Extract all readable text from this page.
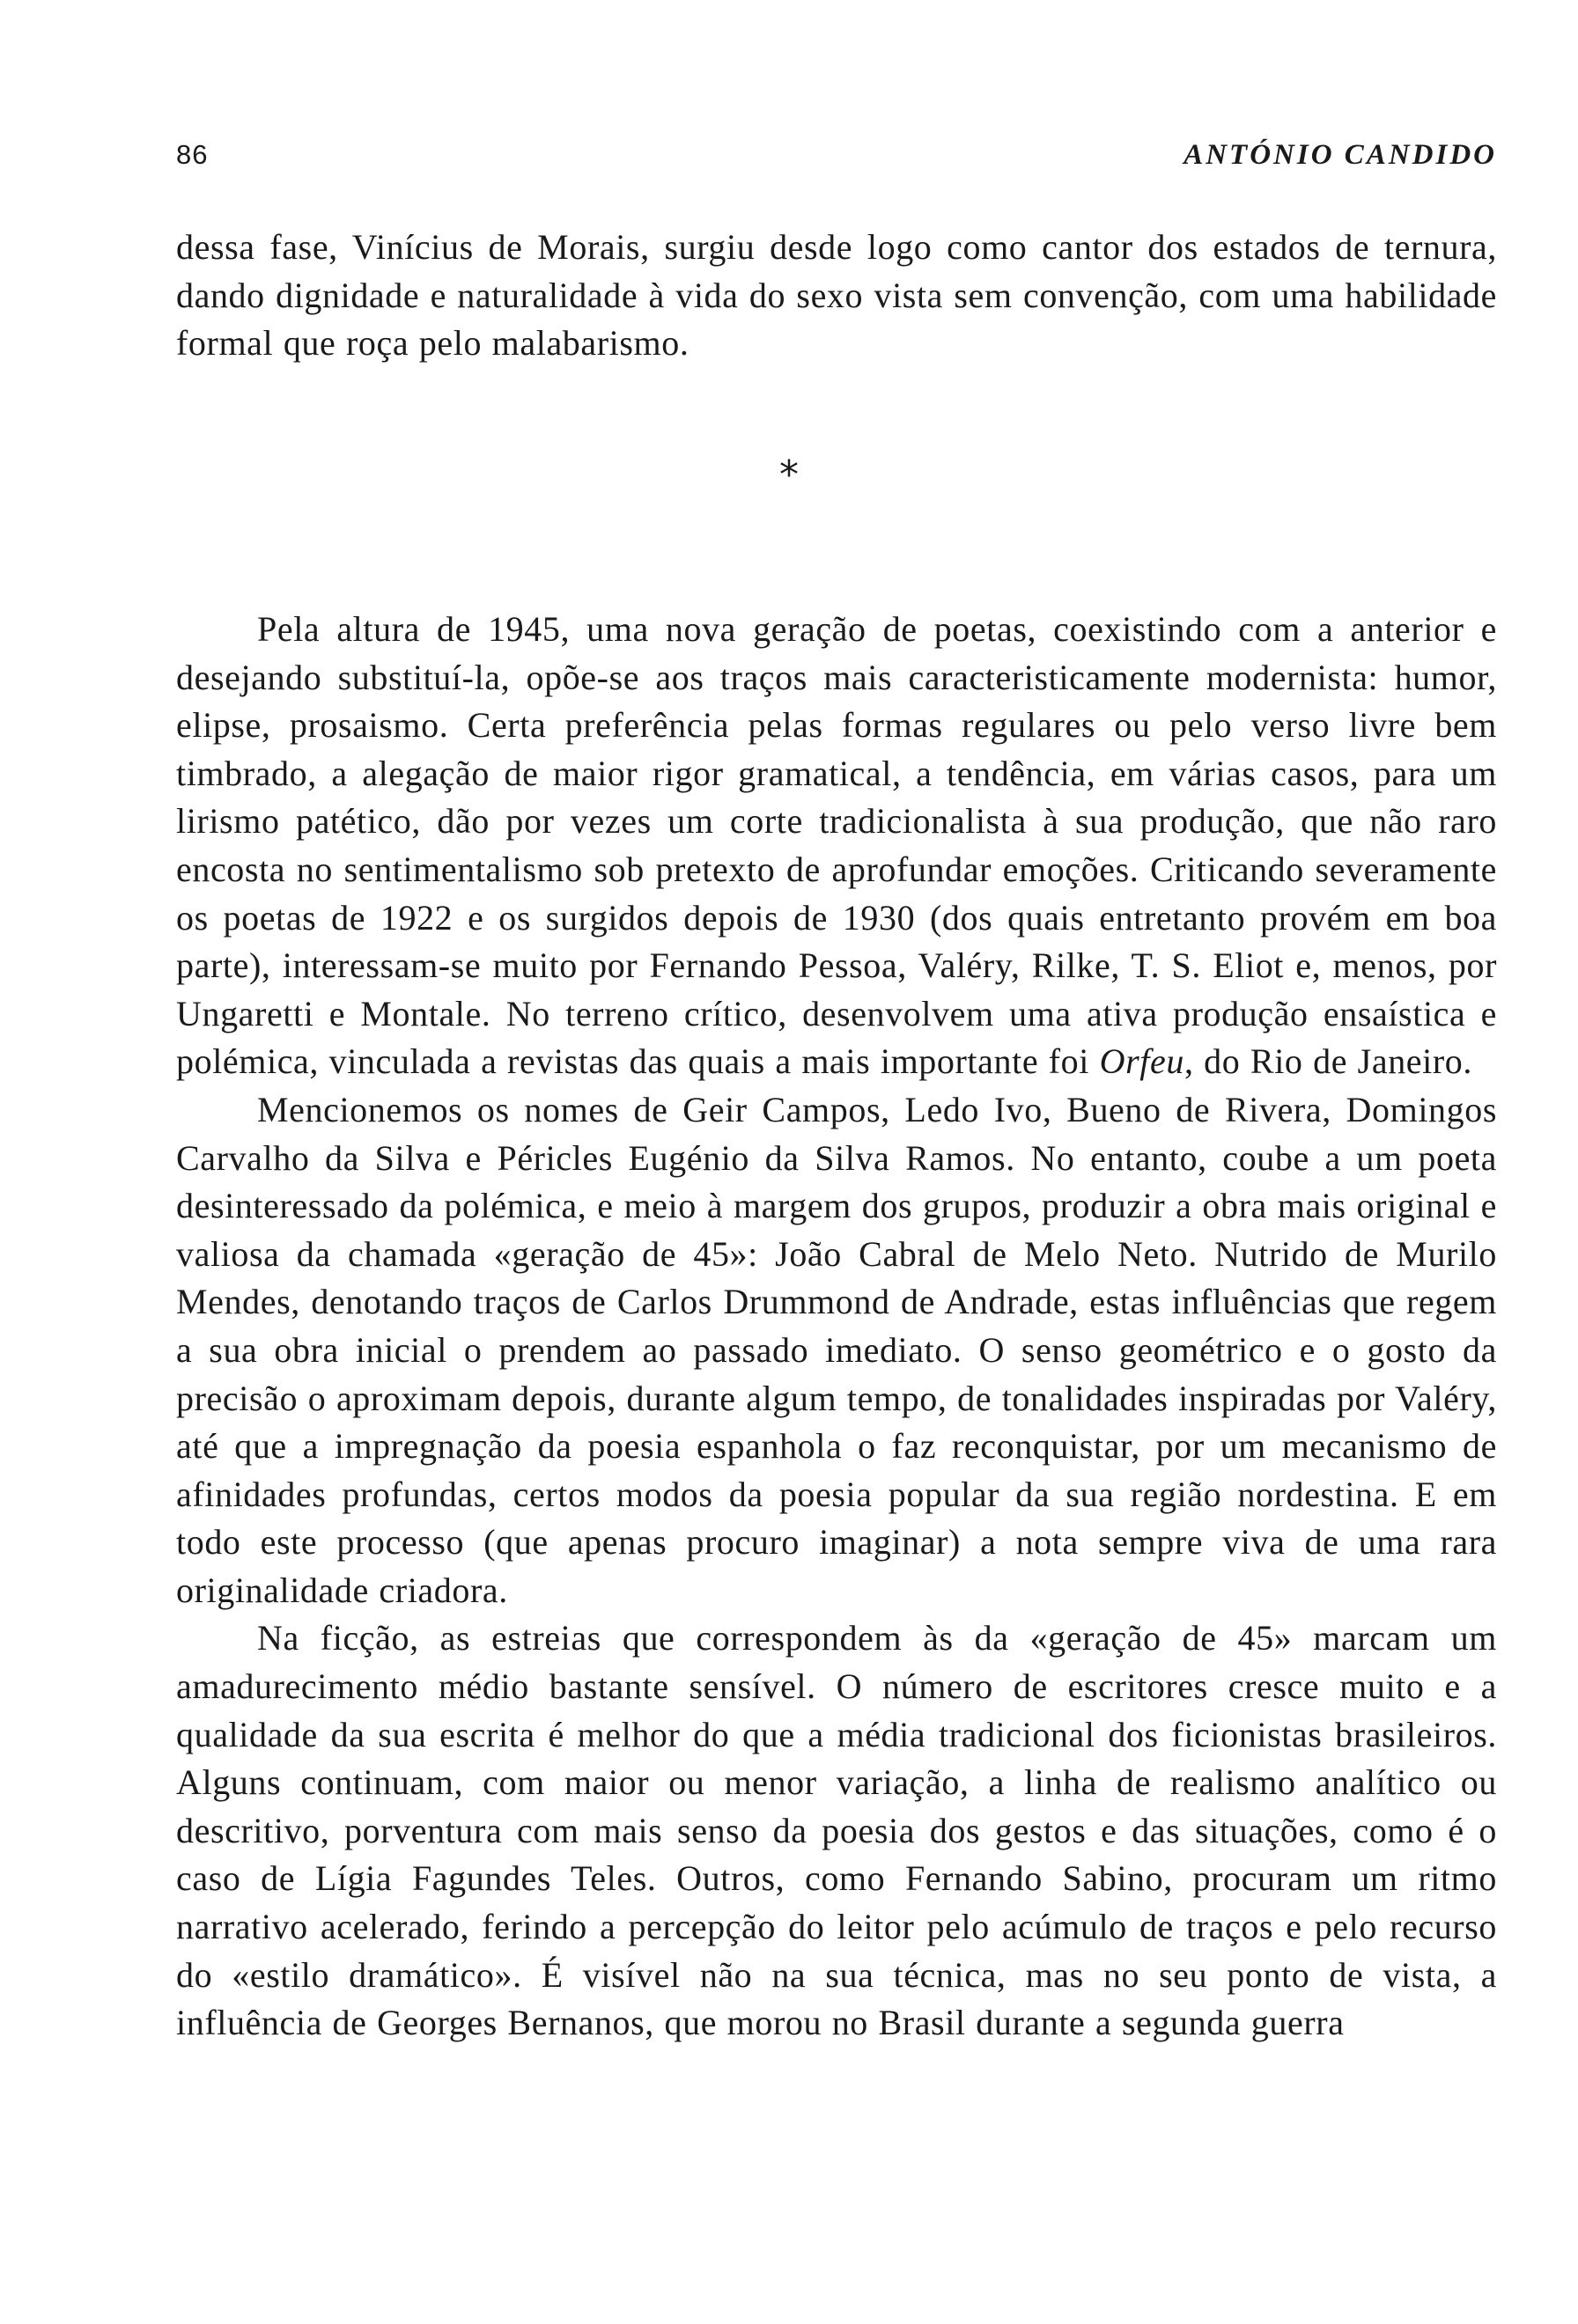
86	ANTÓNIO CANDIDO

dessa fase, Vinícius de Morais, surgiu desde logo como cantor dos estados de ternura, dando dignidade e naturalidade à vida do sexo vista sem convenção, com uma habilidade formal que roça pelo malabarismo.

*

Pela altura de 1945, uma nova geração de poetas, coexistindo com a anterior e desejando substituí-la, opõe-se aos traços mais caracteristicamente modernista: humor, elipse, prosaismo. Certa preferência pelas formas regulares ou pelo verso livre bem timbrado, a alegação de maior rigor gramatical, a tendência, em várias casos, para um lirismo patético, dão por vezes um corte tradicionalista à sua produção, que não raro encosta no sentimentalismo sob pretexto de aprofundar emoções. Criticando severamente os poetas de 1922 e os surgidos depois de 1930 (dos quais entretanto provém em boa parte), interessam-se muito por Fernando Pessoa, Valéry, Rilke, T. S. Eliot e, menos, por Ungaretti e Montale. No terreno crítico, desenvolvem uma ativa produção ensaística e polémica, vinculada a revistas das quais a mais importante foi Orfeu, do Rio de Janeiro.

Mencionemos os nomes de Geir Campos, Ledo Ivo, Bueno de Rivera, Domingos Carvalho da Silva e Péricles Eugénio da Silva Ramos. No entanto, coube a um poeta desinteressado da polémica, e meio à margem dos grupos, produzir a obra mais original e valiosa da chamada «geração de 45»: João Cabral de Melo Neto. Nutrido de Murilo Mendes, denotando traços de Carlos Drummond de Andrade, estas influências que regem a sua obra inicial o prendem ao passado imediato. O senso geométrico e o gosto da precisão o aproximam depois, durante algum tempo, de tonalidades inspiradas por Valéry, até que a impregnação da poesia espanhola o faz reconquistar, por um mecanismo de afinidades profundas, certos modos da poesia popular da sua região nordestina. E em todo este processo (que apenas procuro imaginar) a nota sempre viva de uma rara originalidade criadora.

Na ficção, as estreias que correspondem às da «geração de 45» marcam um amadurecimento médio bastante sensível. O número de escritores cresce muito e a qualidade da sua escrita é melhor do que a média tradicional dos ficionistas brasileiros. Alguns continuam, com maior ou menor variação, a linha de realismo analítico ou descritivo, porventura com mais senso da poesia dos gestos e das situações, como é o caso de Lígia Fagundes Teles. Outros, como Fernando Sabino, procuram um ritmo narrativo acelerado, ferindo a percepção do leitor pelo acúmulo de traços e pelo recurso do «estilo dramático». É visível não na sua técnica, mas no seu ponto de vista, a influência de Georges Bernanos, que morou no Brasil durante a segunda guerra
